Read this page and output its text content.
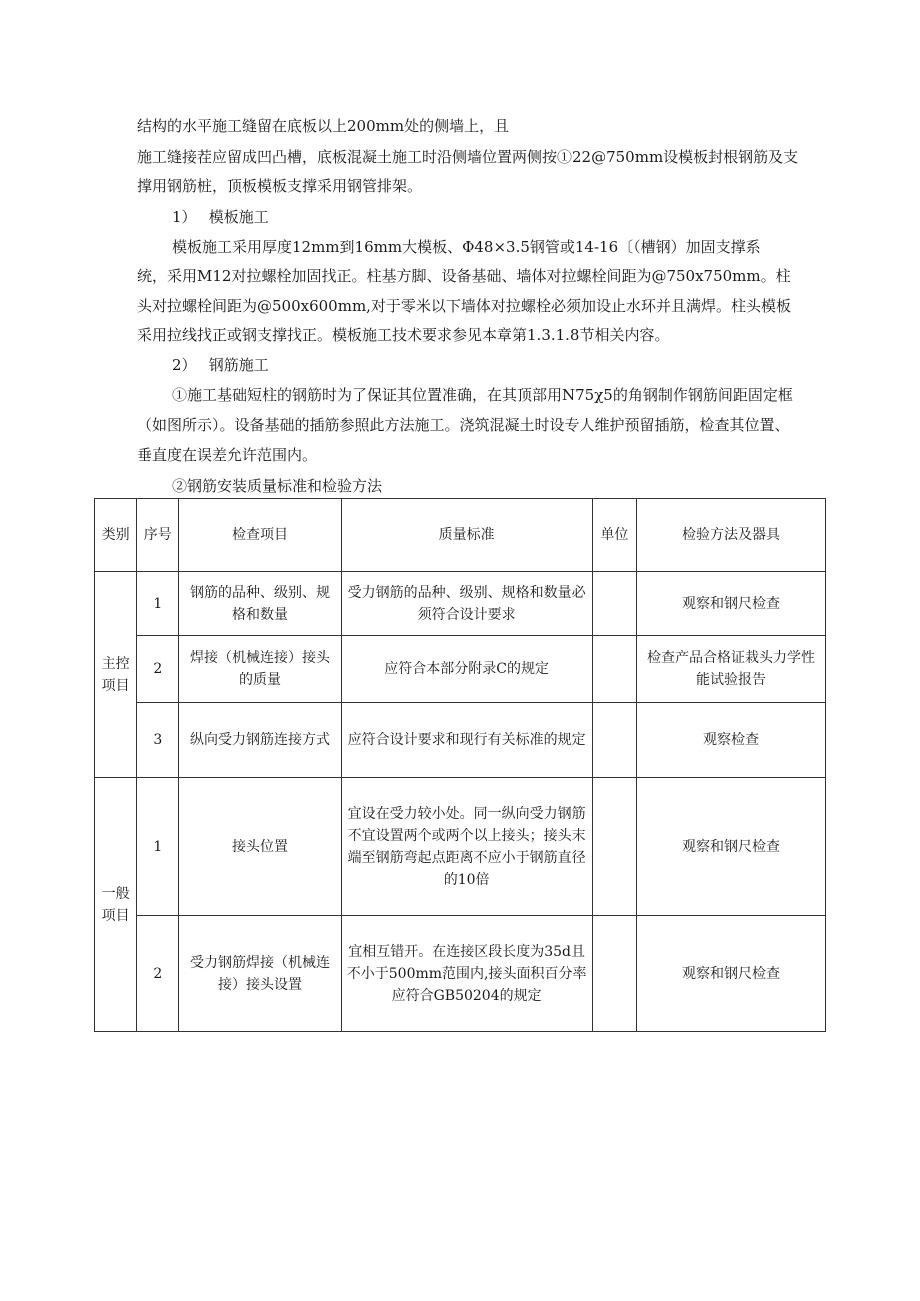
结构的水平施工缝留在底板以上200mm处的侧墙上，且
施工缝接茬应留成凹凸槽，底板混凝土施工时沿侧墙位置两侧按①22@750mm设模板封根钢筋及支
撑用钢筋桩，顶板模板支撑采用钢管排架。
1）　 模板施工
模板施工采用厚度12mm到16mm大模板、Φ48×3.5钢管或14-16〔（槽钢）加固支撑系
统，采用M12对拉螺栓加固找正。柱基方脚、设备基础、墙体对拉螺栓间距为@750x750mm。柱
头对拉螺栓间距为@500x600mm,对于零米以下墙体对拉螺栓必须加设止水环并且满焊。柱头模板
采用拉线找正或钢支撑找正。模板施工技术要求参见本章第1.3.1.8节相关内容。
2）　 钢筋施工
①施工基础短柱的钢筋时为了保证其位置准确，在其顶部用N75χ5的角钢制作钢筋间距固定框
（如图所示）。设备基础的插筋参照此方法施工。浇筑混凝土时设专人维护预留插筋，检查其位置、
垂直度在误差允许范围内。
②钢筋安装质量标准和检验方法
类别	序号	检查项目	质量标准	单位	检验方法及器具
主控项目	1	钢筋的品种、级别、规格和数量	受力钢筋的品种、级别、规格和数量必须符合设计要求		观察和钢尺检查
	2	焊接（机械连接）接头的质量	应符合本部分附录C的规定		检查产品合格证栽头力学性能试验报告
	3	纵向受力钢筋连接方式	应符合设计要求和现行有关标准的规定		观察检查
一般项目	1	接头位置	宜设在受力较小处。同一纵向受力钢筋不宜设置两个或两个以上接头；接头末端至钢筋弯起点距离不应小于钢筋直径的10倍		观察和钢尺检查
	2	受力钢筋焊接（机械连接）接头设置	宜相互错开。在连接区段长度为35d且不小于500mm范围内,接头面积百分率应符合GB50204的规定		观察和钢尺检查
